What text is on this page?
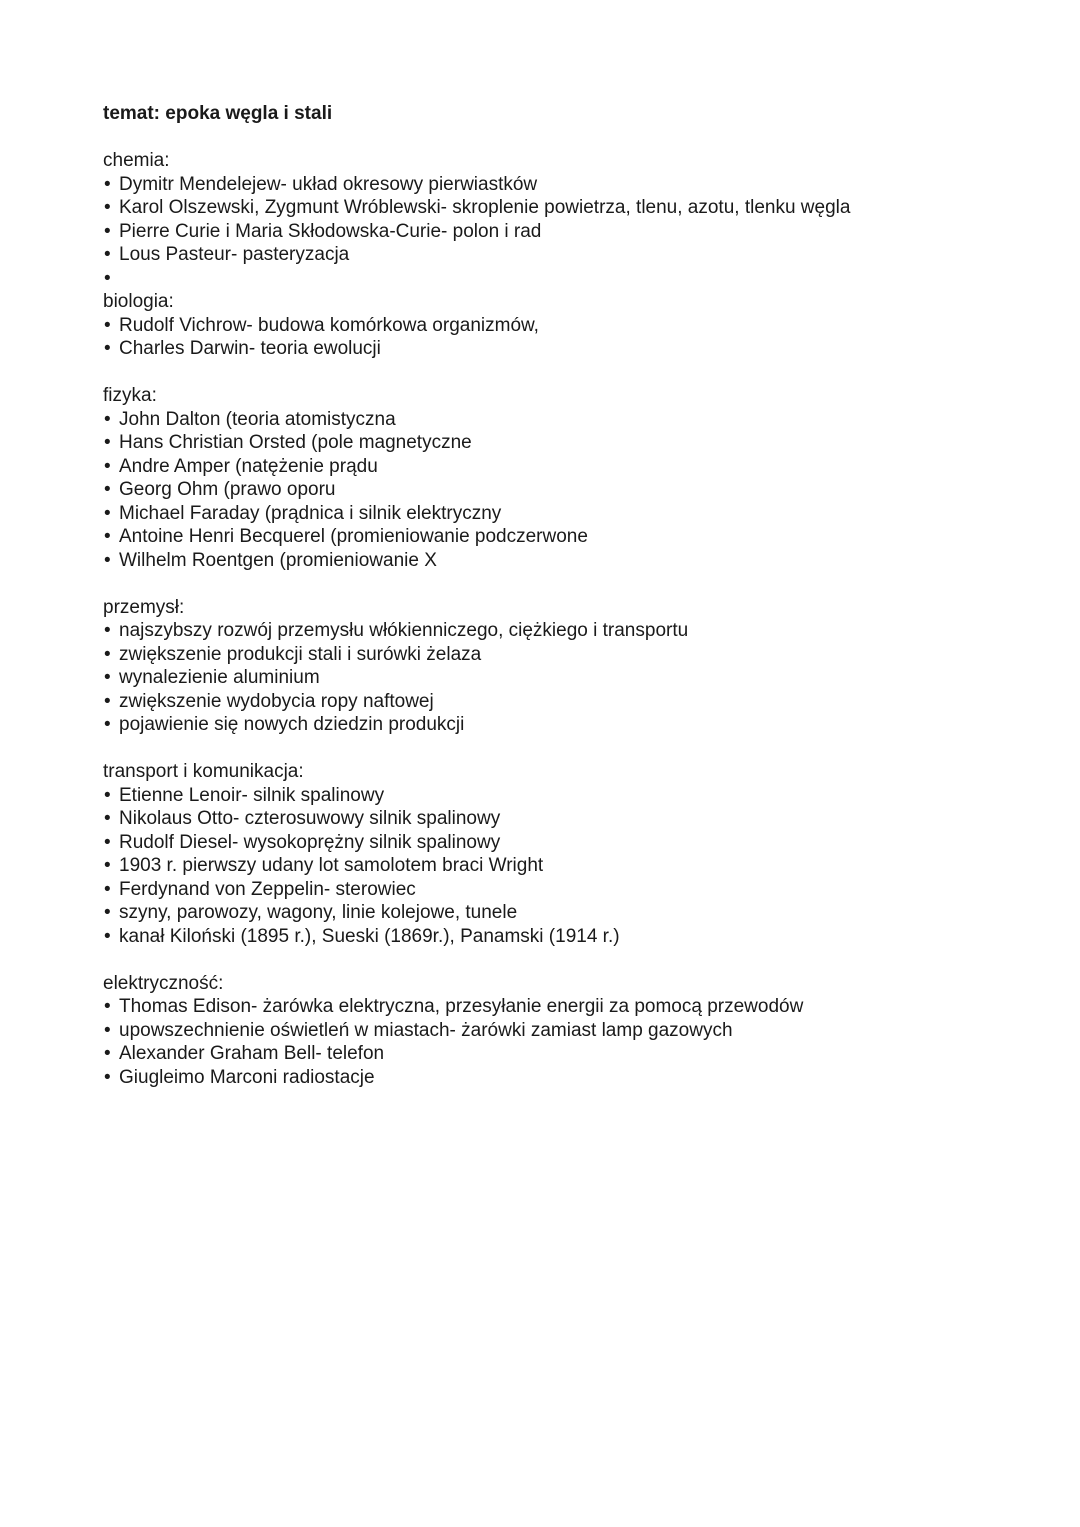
temat: epoka węgla i stali

chemia:

• Dymitr Mendelejew- układ okresowy pierwiastków
• Karol Olszewski, Zygmunt Wróblewski- skroplenie powietrza, tlenu, azotu, tlenku węgla
• Pierre Curie i Maria Skłodowska-Curie- polon i rad
• Lous Pasteur- pasteryzacja
•

biologia:

• Rudolf Vichrow- budowa komórkowa organizmów,
• Charles Darwin- teoria ewolucji

fizyka:

• John Dalton (teoria atomistyczna
• Hans Christian Orsted (pole magnetyczne
• Andre Amper (natężenie prądu
• Georg Ohm (prawo oporu
• Michael Faraday (prądnica i silnik elektryczny
• Antoine Henri Becquerel (promieniowanie podczerwone
• Wilhelm Roentgen (promieniowanie X

przemysł:

• najszybszy rozwój przemysłu włókienniczego, ciężkiego i transportu
• zwiększenie produkcji stali i surówki żelaza
• wynalezienie aluminium
• zwiększenie wydobycia ropy naftowej
• pojawienie się nowych dziedzin produkcji

transport i komunikacja:

• Etienne Lenoir- silnik spalinowy
• Nikolaus Otto- czterosuwowy silnik spalinowy
• Rudolf Diesel- wysokoprężny silnik spalinowy
• 1903 r. pierwszy udany lot samolotem braci Wright
• Ferdynand von Zeppelin- sterowiec
• szyny, parowozy, wagony, linie kolejowe, tunele
• kanał Kiloński (1895 r.), Sueski (1869r.), Panamski (1914 r.)

elektryczność:

• Thomas Edison- żarówka elektryczna, przesyłanie energii za pomocą przewodów
• upowszechnienie oświetleń w miastach- żarówki zamiast lamp gazowych
• Alexander Graham Bell- telefon
• Giugleimo Marconi radiostacje
